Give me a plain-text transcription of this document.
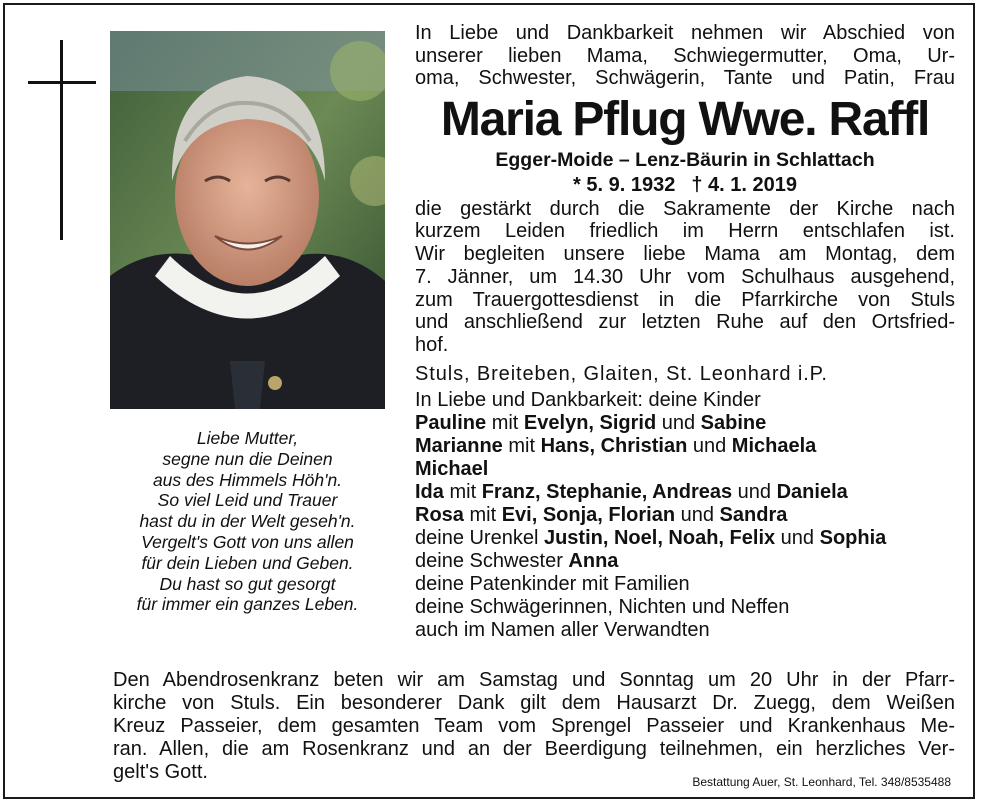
Liebe Mutter,
segne nun die Deinen
aus des Himmels Höh'n.
So viel Leid und Trauer
hast du in der Welt geseh'n.
Vergelt's Gott von uns allen
für dein Lieben und Geben.
Du hast so gut gesorgt
für immer ein ganzes Leben.
In Liebe und Dankbarkeit nehmen wir Abschied von
unserer lieben Mama, Schwiegermutter, Oma, Ur-
oma, Schwester, Schwägerin, Tante und Patin, Frau
Maria Pflug Wwe. Raffl
Egger-Moide – Lenz-Bäurin in Schlattach
* 5. 9. 1932 † 4. 1. 2019
die gestärkt durch die Sakramente der Kirche nach
kurzem Leiden friedlich im Herrn entschlafen ist.
Wir begleiten unsere liebe Mama am Montag, dem
7. Jänner, um 14.30 Uhr vom Schulhaus ausgehend,
zum Trauergottesdienst in die Pfarrkirche von Stuls
und anschließend zur letzten Ruhe auf den Ortsfried-
hof.
Stuls, Breiteben, Glaiten, St. Leonhard i.P.
In Liebe und Dankbarkeit: deine Kinder
Pauline mit Evelyn, Sigrid und Sabine
Marianne mit Hans, Christian und Michaela
Michael
Ida mit Franz, Stephanie, Andreas und Daniela
Rosa mit Evi, Sonja, Florian und Sandra
deine Urenkel Justin, Noel, Noah, Felix und Sophia
deine Schwester Anna
deine Patenkinder mit Familien
deine Schwägerinnen, Nichten und Neffen
auch im Namen aller Verwandten
Den Abendrosenkranz beten wir am Samstag und Sonntag um 20 Uhr in der Pfarr-
kirche von Stuls. Ein besonderer Dank gilt dem Hausarzt Dr. Zuegg, dem Weißen
Kreuz Passeier, dem gesamten Team vom Sprengel Passeier und Krankenhaus Me-
ran. Allen, die am Rosenkranz und an der Beerdigung teilnehmen, ein herzliches Ver-
gelt's Gott.	Bestattung Auer, St. Leonhard, Tel. 348/8535488
